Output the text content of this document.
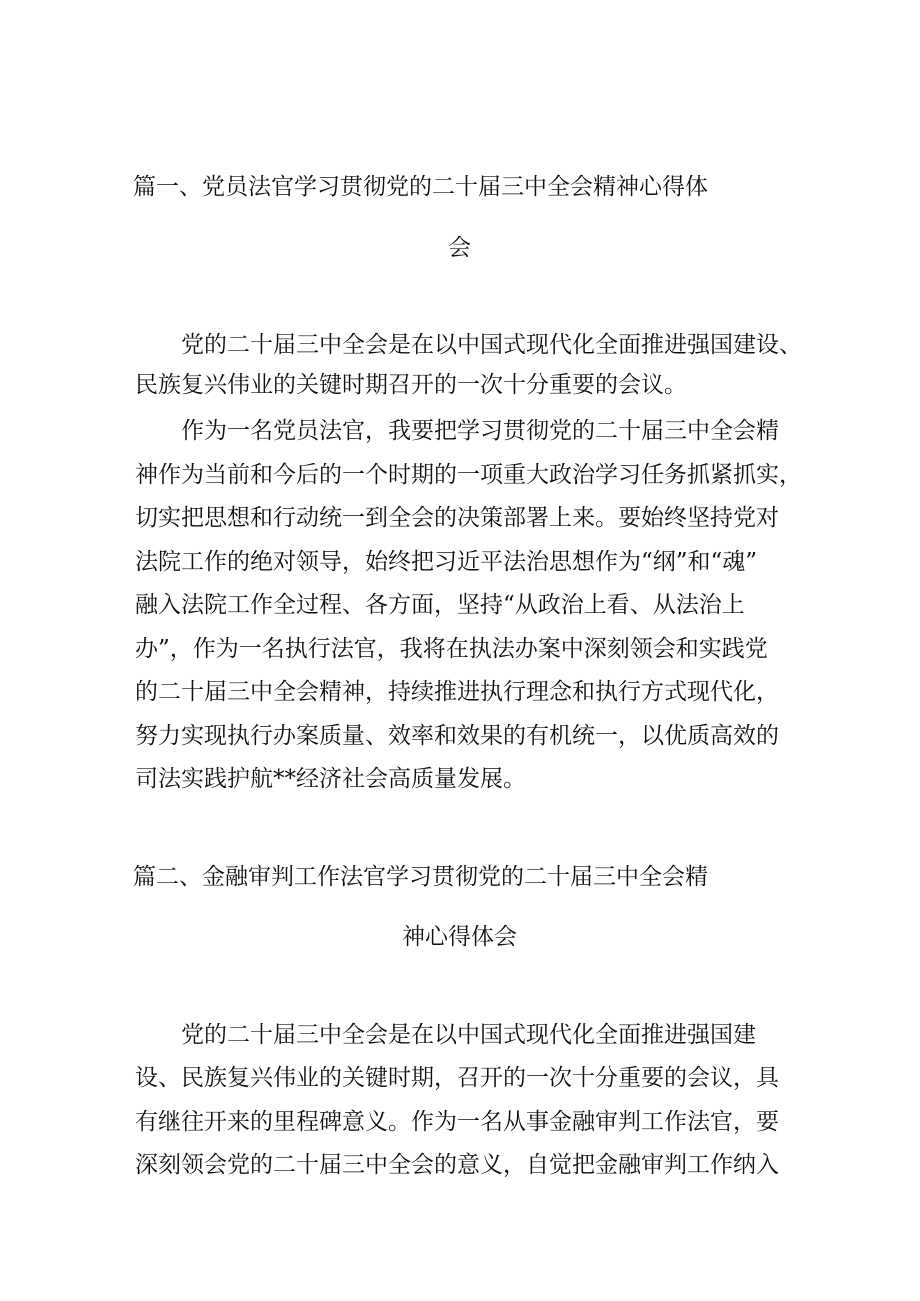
篇一、党员法官学习贯彻党的二十届三中全会精神心得体
会
党的二十届三中全会是在以中国式现代化全面推进强国建设、
民族复兴伟业的关键时期召开的一次十分重要的会议。
作为一名党员法官，我要把学习贯彻党的二十届三中全会精
神作为当前和今后的一个时期的一项重大政治学习任务抓紧抓实，
切实把思想和行动统一到全会的决策部署上来。要始终坚持党对
法院工作的绝对领导，始终把习近平法治思想作为“纲”和“魂”
融入法院工作全过程、各方面，坚持“从政治上看、从法治上
办”，作为一名执行法官，我将在执法办案中深刻领会和实践党
的二十届三中全会精神，持续推进执行理念和执行方式现代化，
努力实现执行办案质量、效率和效果的有机统一，以优质高效的
司法实践护航**经济社会高质量发展。
篇二、金融审判工作法官学习贯彻党的二十届三中全会精
神心得体会
党的二十届三中全会是在以中国式现代化全面推进强国建
设、民族复兴伟业的关键时期，召开的一次十分重要的会议，具
有继往开来的里程碑意义。作为一名从事金融审判工作法官，要
深刻领会党的二十届三中全会的意义，自觉把金融审判工作纳入
